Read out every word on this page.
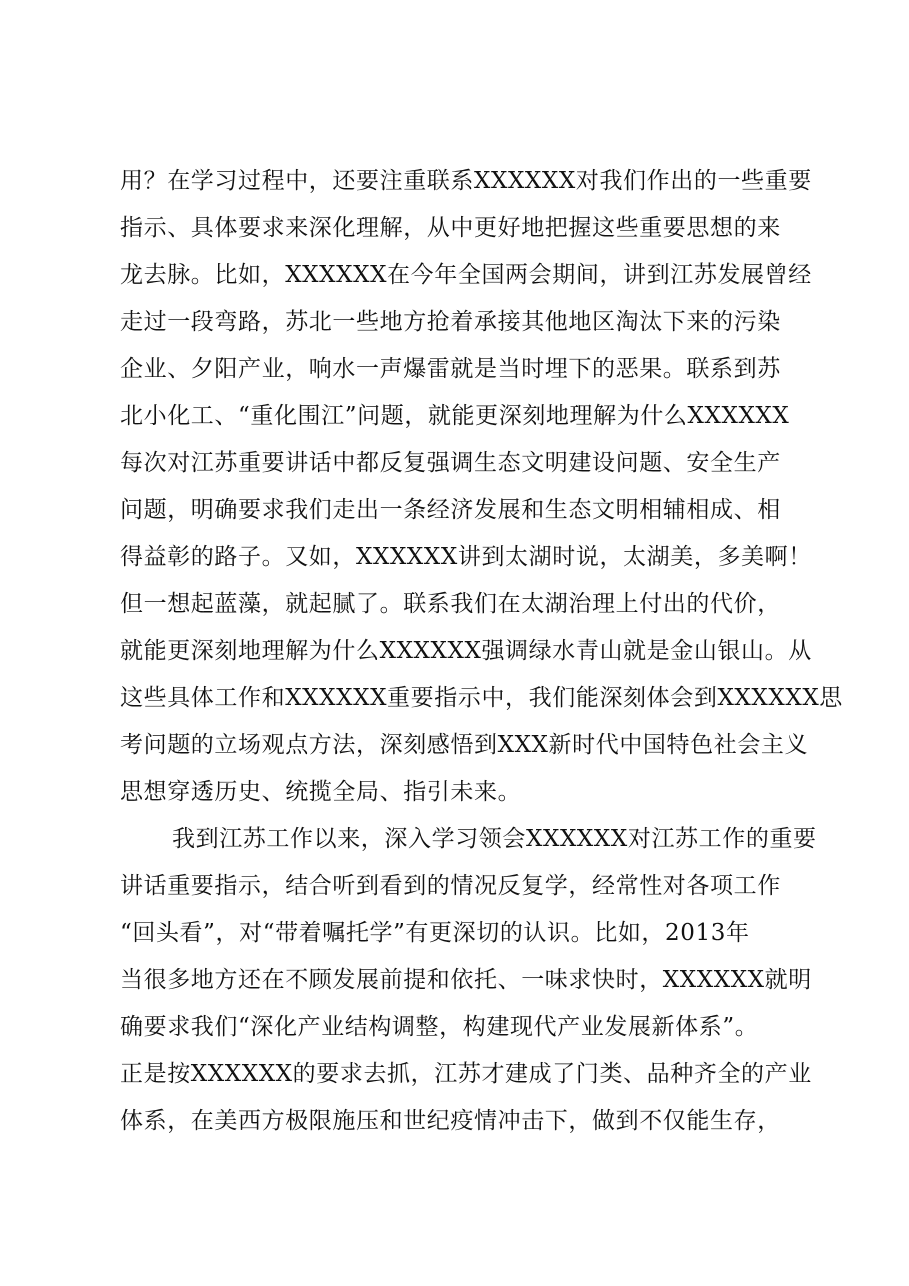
用？在学习过程中，还要注重联系XXXXXX对我们作出的一些重要
指示、具体要求来深化理解，从中更好地把握这些重要思想的来
龙去脉。比如，XXXXXX在今年全国两会期间，讲到江苏发展曾经
走过一段弯路，苏北一些地方抢着承接其他地区淘汰下来的污染
企业、夕阳产业，响水一声爆雷就是当时埋下的恶果。联系到苏
北小化工、“重化围江”问题，就能更深刻地理解为什么XXXXXX
每次对江苏重要讲话中都反复强调生态文明建设问题、安全生产
问题，明确要求我们走出一条经济发展和生态文明相辅相成、相
得益彰的路子。又如，XXXXXX讲到太湖时说，太湖美，多美啊！
但一想起蓝藻，就起腻了。联系我们在太湖治理上付出的代价，
就能更深刻地理解为什么XXXXXX强调绿水青山就是金山银山。从
这些具体工作和XXXXXX重要指示中，我们能深刻体会到XXXXXX思
考问题的立场观点方法，深刻感悟到XXX新时代中国特色社会主义
思想穿透历史、统揽全局、指引未来。
我到江苏工作以来，深入学习领会XXXXXX对江苏工作的重要
讲话重要指示，结合听到看到的情况反复学，经常性对各项工作
“回头看”，对“带着嘱托学”有更深切的认识。比如，2013年
当很多地方还在不顾发展前提和依托、一味求快时，XXXXXX就明
确要求我们“深化产业结构调整，构建现代产业发展新体系”。
正是按XXXXXX的要求去抓，江苏才建成了门类、品种齐全的产业
体系，在美西方极限施压和世纪疫情冲击下，做到不仅能生存，
